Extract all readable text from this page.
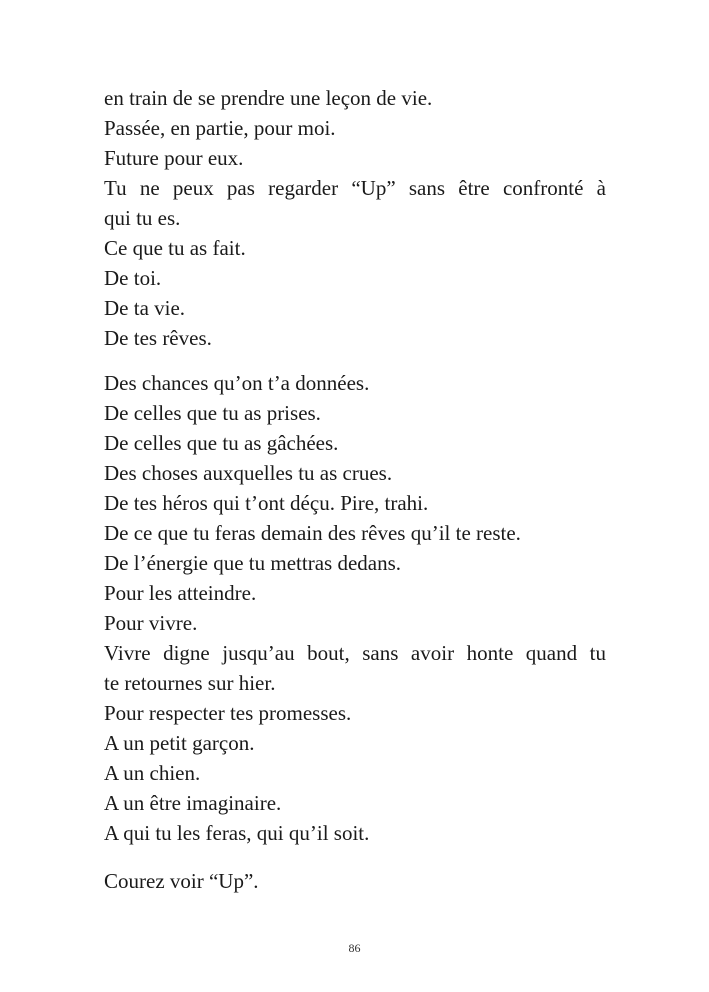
en train de se prendre une leçon de vie.
Passée, en partie, pour moi.
Future pour eux.
Tu ne peux pas regarder “Up” sans être confronté à
qui tu es.
Ce que tu as fait.
De toi.
De ta vie.
De tes rêves.
Des chances qu’on t’a données.
De celles que tu as prises.
De celles que tu as gâchées.
Des choses auxquelles tu as crues.
De tes héros qui t’ont déçu. Pire, trahi.
De ce que tu feras demain des rêves qu’il te reste.
De l’énergie que tu mettras dedans.
Pour les atteindre.
Pour vivre.
Vivre digne jusqu’au bout, sans avoir honte quand tu
te retournes sur hier.
Pour respecter tes promesses.
A un petit garçon.
A un chien.
A un être imaginaire.
A qui tu les feras, qui qu’il soit.
Courez voir “Up”.
86
